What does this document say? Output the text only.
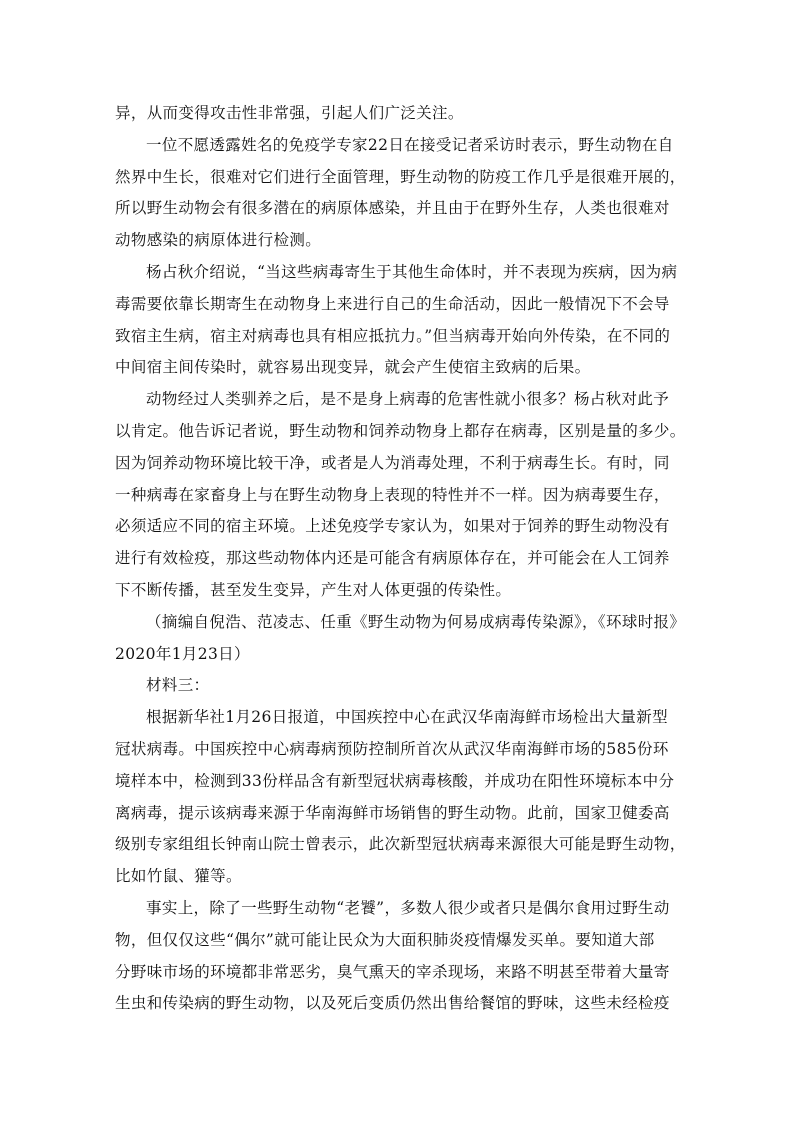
异，从而变得攻击性非常强，引起人们广泛关注。
一位不愿透露姓名的免疫学专家22日在接受记者采访时表示，野生动物在自
然界中生长，很难对它们进行全面管理，野生动物的防疫工作几乎是很难开展的，
所以野生动物会有很多潜在的病原体感染，并且由于在野外生存，人类也很难对
动物感染的病原体进行检测。
杨占秋介绍说，“当这些病毒寄生于其他生命体时，并不表现为疾病，因为病
毒需要依靠长期寄生在动物身上来进行自己的生命活动，因此一般情况下不会导
致宿主生病，宿主对病毒也具有相应抵抗力。”但当病毒开始向外传染，在不同的
中间宿主间传染时，就容易出现变异，就会产生使宿主致病的后果。
动物经过人类驯养之后，是不是身上病毒的危害性就小很多？杨占秋对此予
以肯定。他告诉记者说，野生动物和饲养动物身上都存在病毒，区别是量的多少。
因为饲养动物环境比较干净，或者是人为消毒处理，不利于病毒生长。有时，同
一种病毒在家畜身上与在野生动物身上表现的特性并不一样。因为病毒要生存，
必须适应不同的宿主环境。上述免疫学专家认为，如果对于饲养的野生动物没有
进行有效检疫，那这些动物体内还是可能含有病原体存在，并可能会在人工饲养
下不断传播，甚至发生变异，产生对人体更强的传染性。
（摘编自倪浩、范凌志、任重《野生动物为何易成病毒传染源》，《环球时报》
2020年1月23日）
材料三：
根据新华社1月26日报道，中国疾控中心在武汉华南海鲜市场检出大量新型
冠状病毒。中国疾控中心病毒病预防控制所首次从武汉华南海鲜市场的585份环
境样本中，检测到33份样品含有新型冠状病毒核酸，并成功在阳性环境标本中分
离病毒，提示该病毒来源于华南海鲜市场销售的野生动物。此前，国家卫健委高
级别专家组组长钟南山院士曾表示，此次新型冠状病毒来源很大可能是野生动物，
比如竹鼠、獾等。
事实上，除了一些野生动物“老饕”，多数人很少或者只是偶尔食用过野生动
物，但仅仅这些“偶尔”就可能让民众为大面积肺炎疫情爆发买单。要知道大部
分野味市场的环境都非常恶劣，臭气熏天的宰杀现场，来路不明甚至带着大量寄
生虫和传染病的野生动物，以及死后变质仍然出售给餐馆的野味，这些未经检疫
